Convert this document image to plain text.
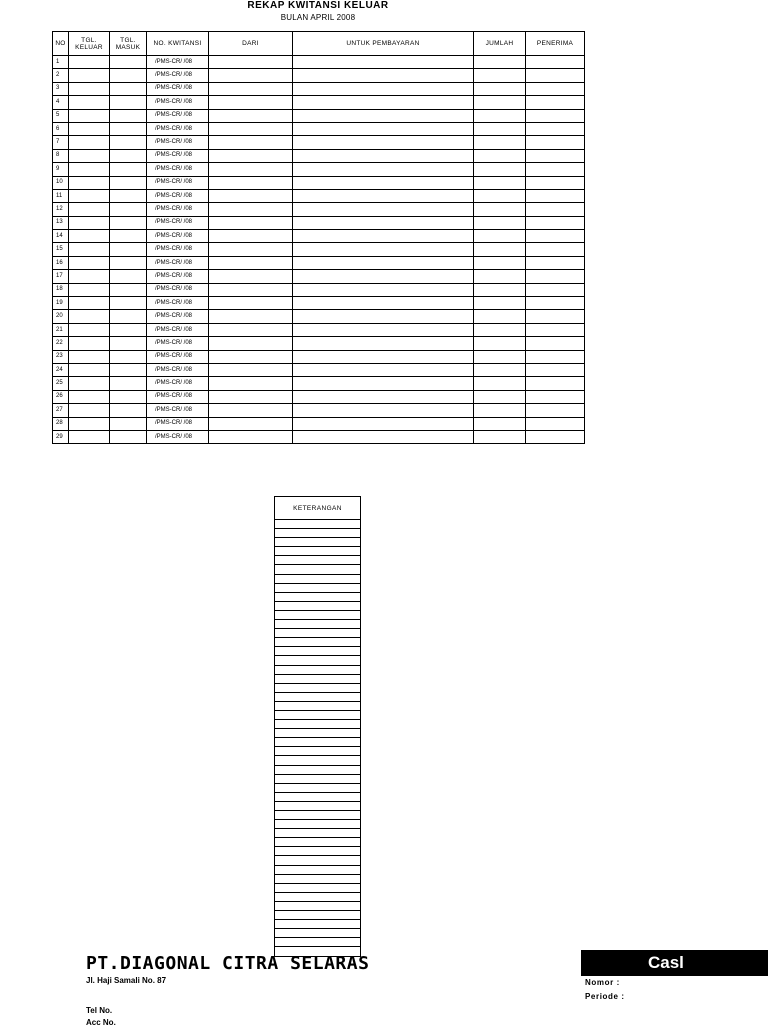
REKAP KWITANSI KELUAR
BULAN APRIL 2008
NO	TGL. KELUAR	TGL. MASUK	NO. KWITANSI	DARI	UNTUK PEMBAYARAN	JUMLAH	PENERIMA
1			/PMS-CR/ /08				
2			/PMS-CR/ /08				
3			/PMS-CR/ /08				
4			/PMS-CR/ /08				
5			/PMS-CR/ /08				
6			/PMS-CR/ /08				
7			/PMS-CR/ /08				
8			/PMS-CR/ /08				
9			/PMS-CR/ /08				
10			/PMS-CR/ /08				
11			/PMS-CR/ /08				
12			/PMS-CR/ /08				
13			/PMS-CR/ /08				
14			/PMS-CR/ /08				
15			/PMS-CR/ /08				
16			/PMS-CR/ /08				
17			/PMS-CR/ /08				
18			/PMS-CR/ /08				
19			/PMS-CR/ /08				
20			/PMS-CR/ /08				
21			/PMS-CR/ /08				
22			/PMS-CR/ /08				
23			/PMS-CR/ /08				
24			/PMS-CR/ /08				
25			/PMS-CR/ /08				
26			/PMS-CR/ /08				
27			/PMS-CR/ /08				
28			/PMS-CR/ /08				
29			/PMS-CR/ /08				
KETERANGAN

PT.DIAGONAL CITRA SELARAS
Jl. Haji Samali No. 87
Tel No.
Acc No.
Casl
Nomor :
Periode :
